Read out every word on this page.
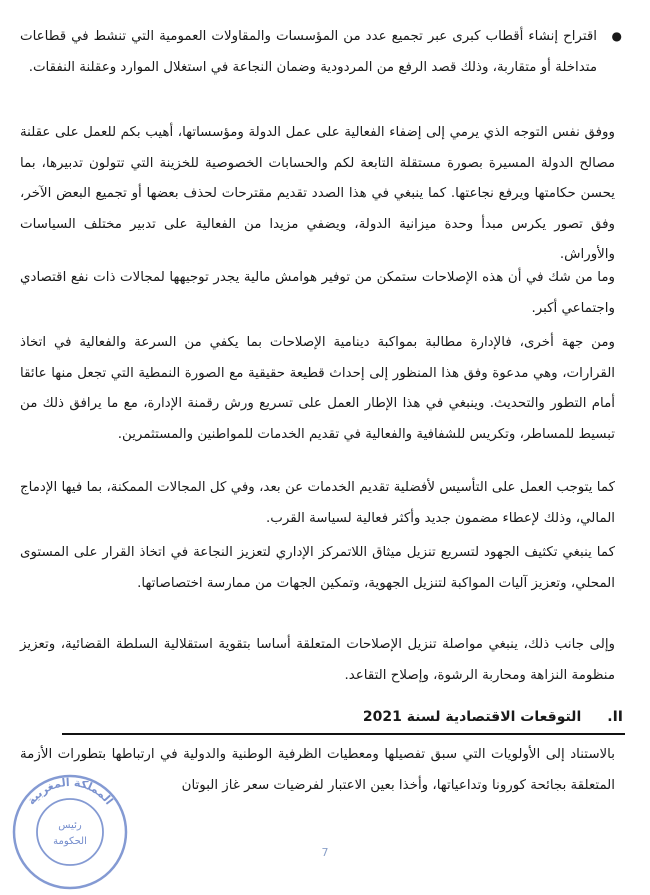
●

اقتراح إنشاء أقطاب كبرى عبر تجميع عدد من المؤسسات والمقاولات العمومية التي تنشط في قطاعات متداخلة أو متقاربة، وذلك قصد الرفع من المردودية وضمان النجاعة في استغلال الموارد وعقلنة النفقات.

ووفق نفس التوجه الذي يرمي إلى إضفاء الفعالية على عمل الدولة ومؤسساتها، أهيب بكم للعمل على عقلنة مصالح الدولة المسيرة بصورة مستقلة التابعة لكم والحسابات الخصوصية للخزينة التي تتولون تدبيرها، بما يحسن حكامتها ويرفع نجاعتها. كما ينبغي في هذا الصدد تقديم مقترحات لحذف بعضها أو تجميع البعض الآخر، وفق تصور يكرس مبدأ وحدة ميزانية الدولة، ويضفي مزيدا من الفعالية على تدبير مختلف السياسات والأوراش.

وما من شك في أن هذه الإصلاحات ستمكن من توفير هوامش مالية يجدر توجيهها لمجالات ذات نفع اقتصادي واجتماعي أكبر.

ومن جهة أخرى، فالإدارة مطالبة بمواكبة دينامية الإصلاحات بما يكفي من السرعة والفعالية في اتخاذ القرارات، وهي مدعوة وفق هذا المنظور إلى إحداث قطيعة حقيقية مع الصورة النمطية التي تجعل منها عائقا أمام التطور والتحديث. وينبغي في هذا الإطار العمل على تسريع ورش رقمنة الإدارة، مع ما يرافق ذلك من تبسيط للمساطر، وتكريس للشفافية والفعالية في تقديم الخدمات للمواطنين والمستثمرين.

كما يتوجب العمل على التأسيس لأفضلية تقديم الخدمات عن بعد، وفي كل المجالات الممكنة، بما فيها الإدماج المالي، وذلك لإعطاء مضمون جديد وأكثر فعالية لسياسة القرب.

كما ينبغي تكثيف الجهود لتسريع تنزيل ميثاق اللاتمركز الإداري لتعزيز النجاعة في اتخاذ القرار على المستوى المحلي، وتعزيز آليات المواكبة لتنزيل الجهوية، وتمكين الجهات من ممارسة اختصاصاتها.

وإلى جانب ذلك، ينبغي مواصلة تنزيل الإصلاحات المتعلقة أساسا بتقوية استقلالية السلطة القضائية، وتعزيز منظومة النزاهة ومحاربة الرشوة، وإصلاح التقاعد.

II.التوقعات الاقتصادية لسنة 2021

بالاستناد إلى الأولويات التي سبق تفصيلها ومعطيات الظرفية الوطنية والدولية في ارتباطها بتطورات الأزمة المتعلقة بجائحة كورونا وتداعياتها، وأخذا بعين الاعتبار لفرضيات سعر غاز البوتان

المملكة المغربية
رئيس
الحكومة
7
